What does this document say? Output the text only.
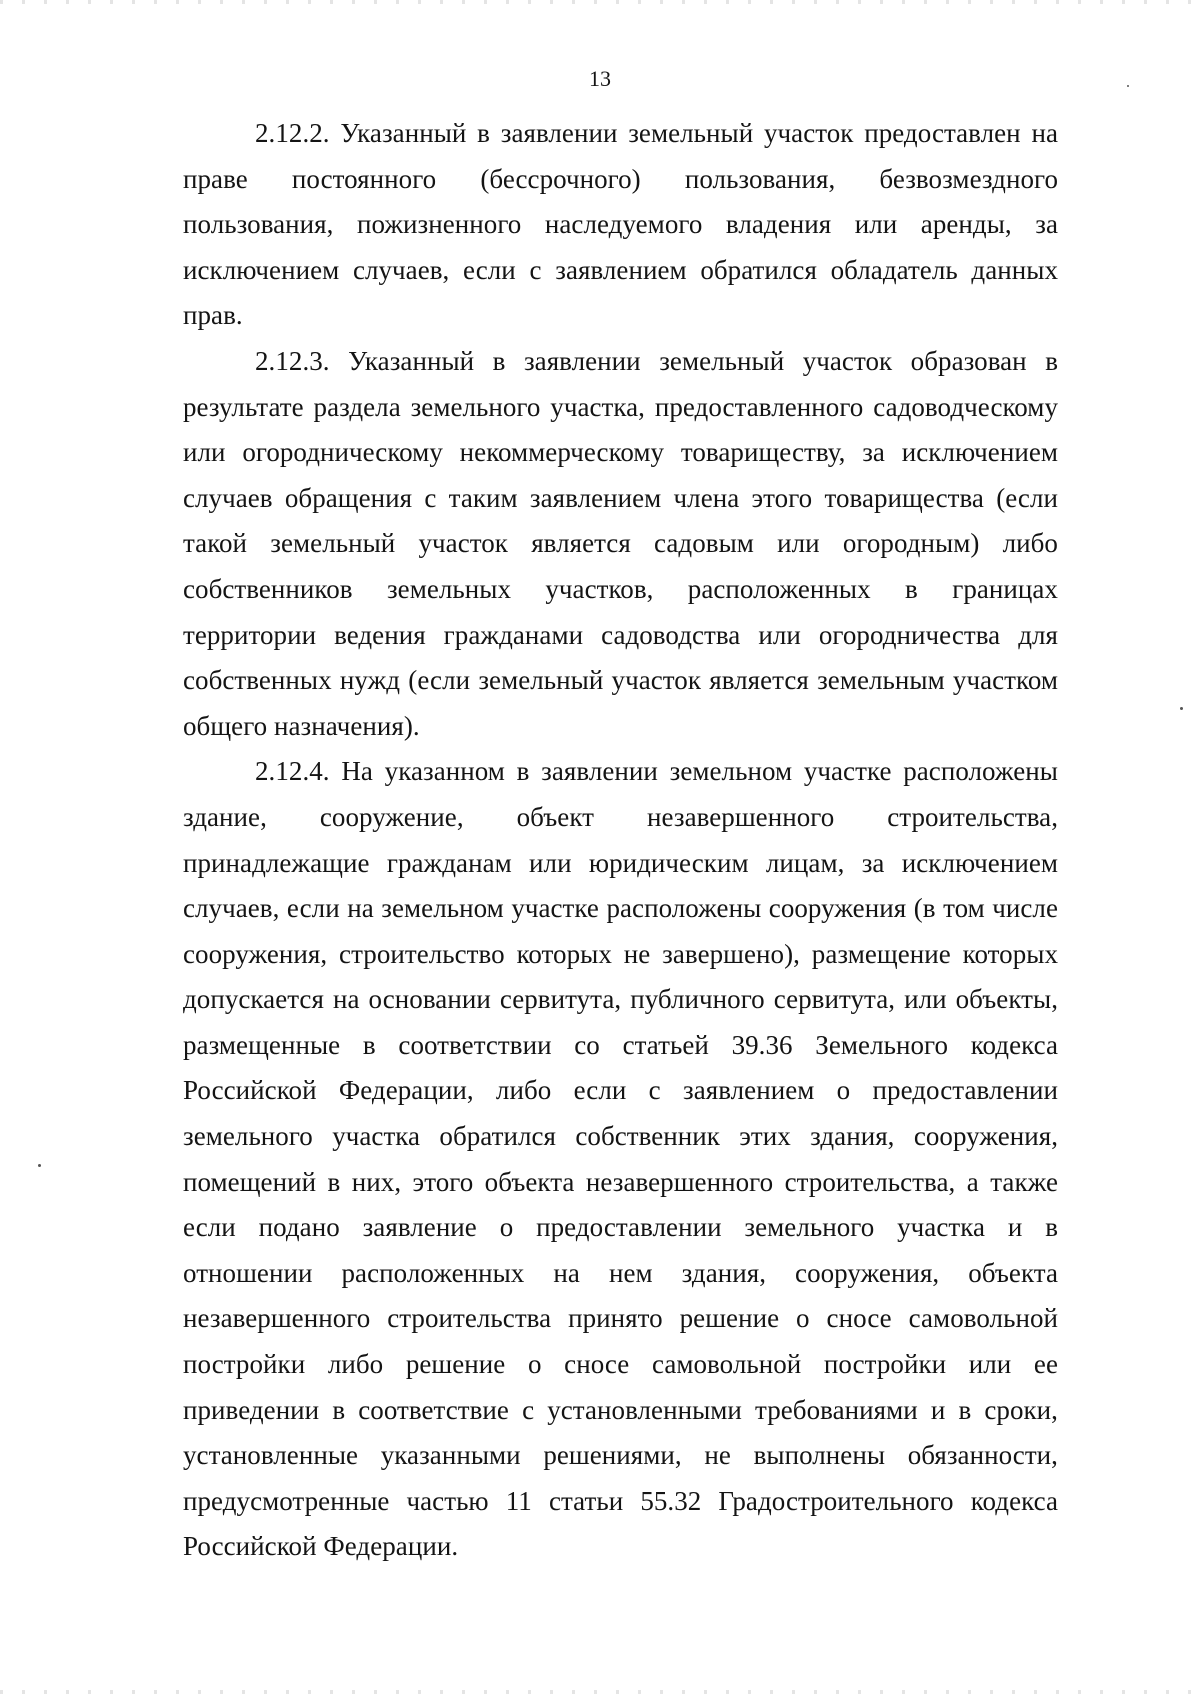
13

2.12.2. Указанный в заявлении земельный участок предоставлен на праве постоянного (бессрочного) пользования, безвозмездного пользования, пожизненного наследуемого владения или аренды, за исключением случаев, если с заявлением обратился обладатель данных прав.

2.12.3. Указанный в заявлении земельный участок образован в результате раздела земельного участка, предоставленного садоводческому или огородническому некоммерческому товариществу, за исключением случаев обращения с таким заявлением члена этого товарищества (если такой земельный участок является садовым или огородным) либо собственников земельных участков, расположенных в границах территории ведения гражданами садоводства или огородничества для собственных нужд (если земельный участок является земельным участком общего назначения).

2.12.4. На указанном в заявлении земельном участке расположены здание, сооружение, объект незавершенного строительства, принадлежащие гражданам или юридическим лицам, за исключением случаев, если на земельном участке расположены сооружения (в том числе сооружения, строительство которых не завершено), размещение которых допускается на основании сервитута, публичного сервитута, или объекты, размещенные в соответствии со статьей 39.36 Земельного кодекса Российской Федерации, либо если с заявлением о предоставлении земельного участка обратился собственник этих здания, сооружения, помещений в них, этого объекта незавершенного строительства, а также если подано заявление о предоставлении земельного участка и в отношении расположенных на нем здания, сооружения, объекта незавершенного строительства принято решение о сносе самовольной постройки либо решение о сносе самовольной постройки или ее приведении в соответствие с установленными требованиями и в сроки, установленные указанными решениями, не выполнены обязанности, предусмотренные частью 11 статьи 55.32 Градостроительного кодекса Российской Федерации.
